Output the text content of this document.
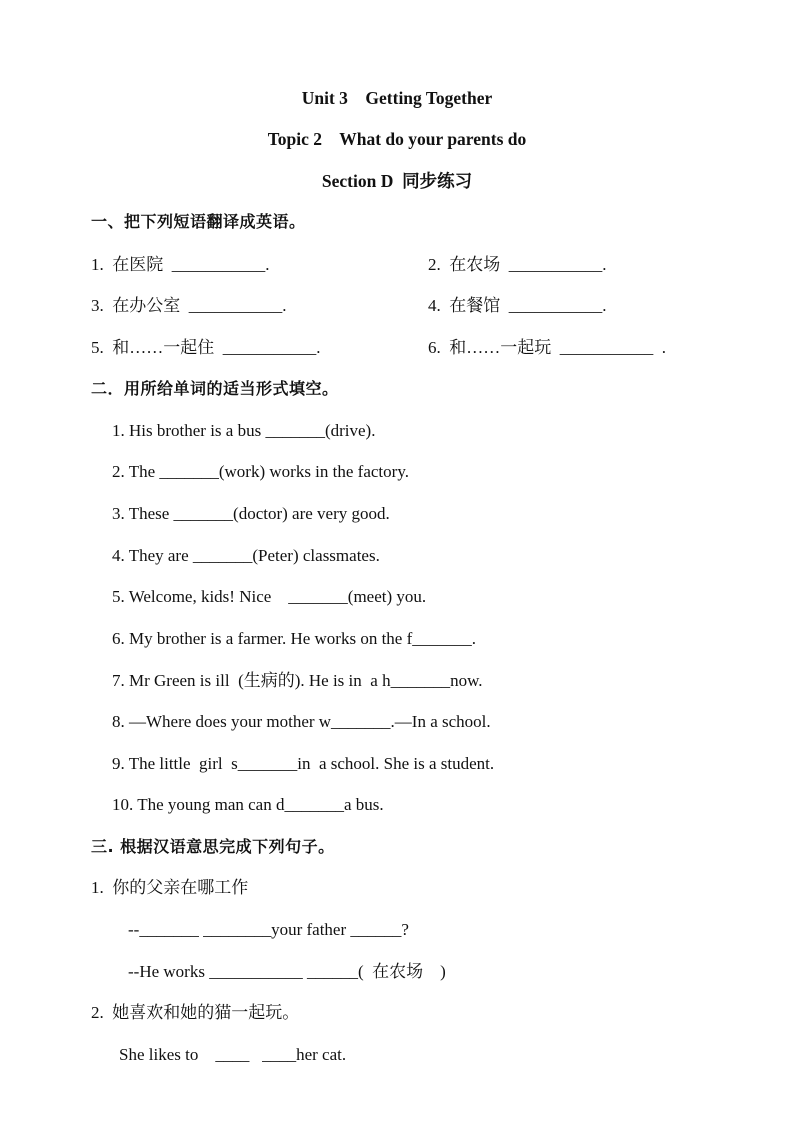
Unit 3    Getting Together
Topic 2    What do your parents do
Section D  同步练习
一、把下列短语翻译成英语。
1.  在医院  ___________.	2.  在农场  ___________.
3.  在办公室  ___________.	4.  在餐馆  ___________.
5.  和……一起住  ___________.	6.  和……一起玩  ___________  .
二．用所给单词的适当形式填空。
1. His brother is a bus _______(drive).
2. The _______(work) works in the factory.
3. These _______(doctor) are very good.
4. They are _______(Peter) classmates.
5. Welcome, kids! Nice    _______(meet) you.
6. My brother is a farmer. He works on the f_______.
7. Mr Green is ill  (生病的). He is in  a h_______now.
8. —Where does your mother w_______.—In a school.
9. The little  girl  s_______in  a school. She is a student.
10. The young man can d_______a bus.
三. 根据汉语意思完成下列句子。
1.  你的父亲在哪工作
--_______ ________your father ______?
--He works ___________ ______(  在农场    )
2.  她喜欢和她的猫一起玩。
She likes to    ____   ____her cat.
